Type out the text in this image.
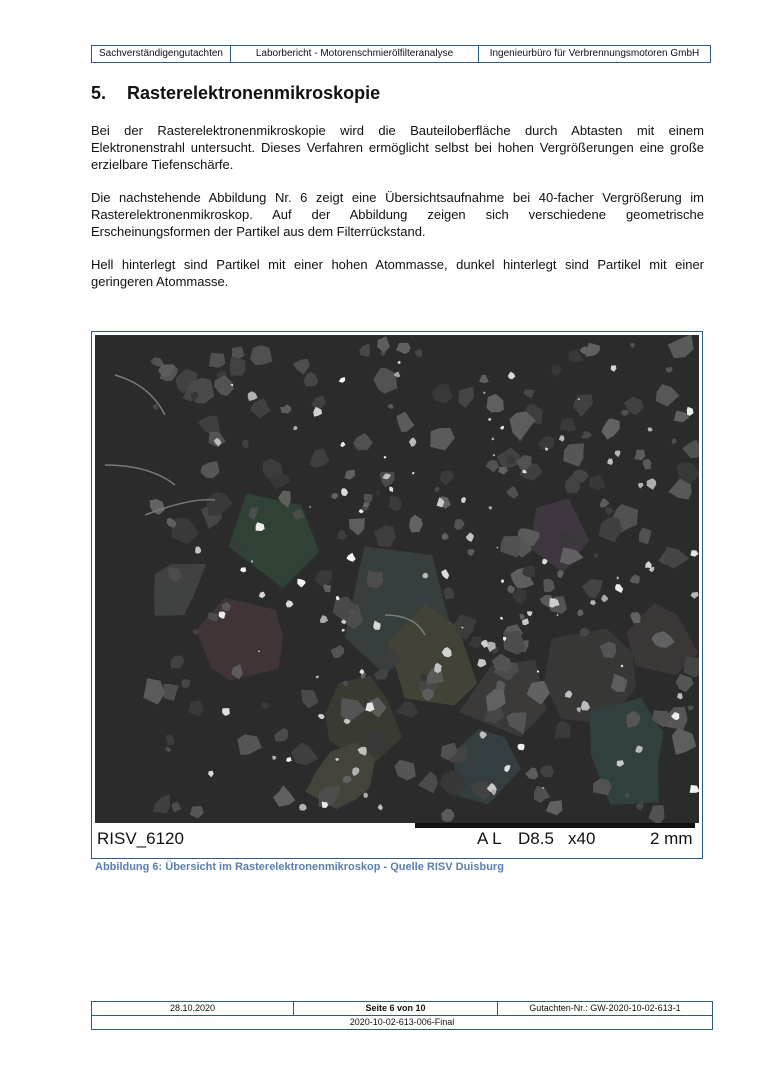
Sachverständigengutachten	Laborbericht - Motorenschmierölfilteranalyse	Ingenieurbüro für Verbrennungsmotoren GmbH
5.	Rasterelektronenmikroskopie

Bei der Rasterelektronenmikroskopie wird die Bauteiloberfläche durch Abtasten mit einem Elektronenstrahl untersucht. Dieses Verfahren ermöglicht selbst bei hohen Vergrößerungen eine große erzielbare Tiefenschärfe.

Die nachstehende Abbildung Nr. 6 zeigt eine Übersichtsaufnahme bei 40-facher Vergrößerung im Rasterelektronenmikroskop. Auf der Abbildung zeigen sich verschiedene geometrische Erscheinungsformen der Partikel aus dem Filterrückstand.

Hell hinterlegt sind Partikel mit einer hohen Atommasse, dunkel hinterlegt sind Partikel mit einer geringeren Atommasse.

RISV_6120	A L D8.5 x40	2 mm
Abbildung 6: Übersicht im Rasterelektronenmikroskop - Quelle RISV Duisburg
28.10.2020	Seite 6 von 10	Gutachten-Nr.: GW-2020-10-02-613-1
2020-10-02-613-006-Final
